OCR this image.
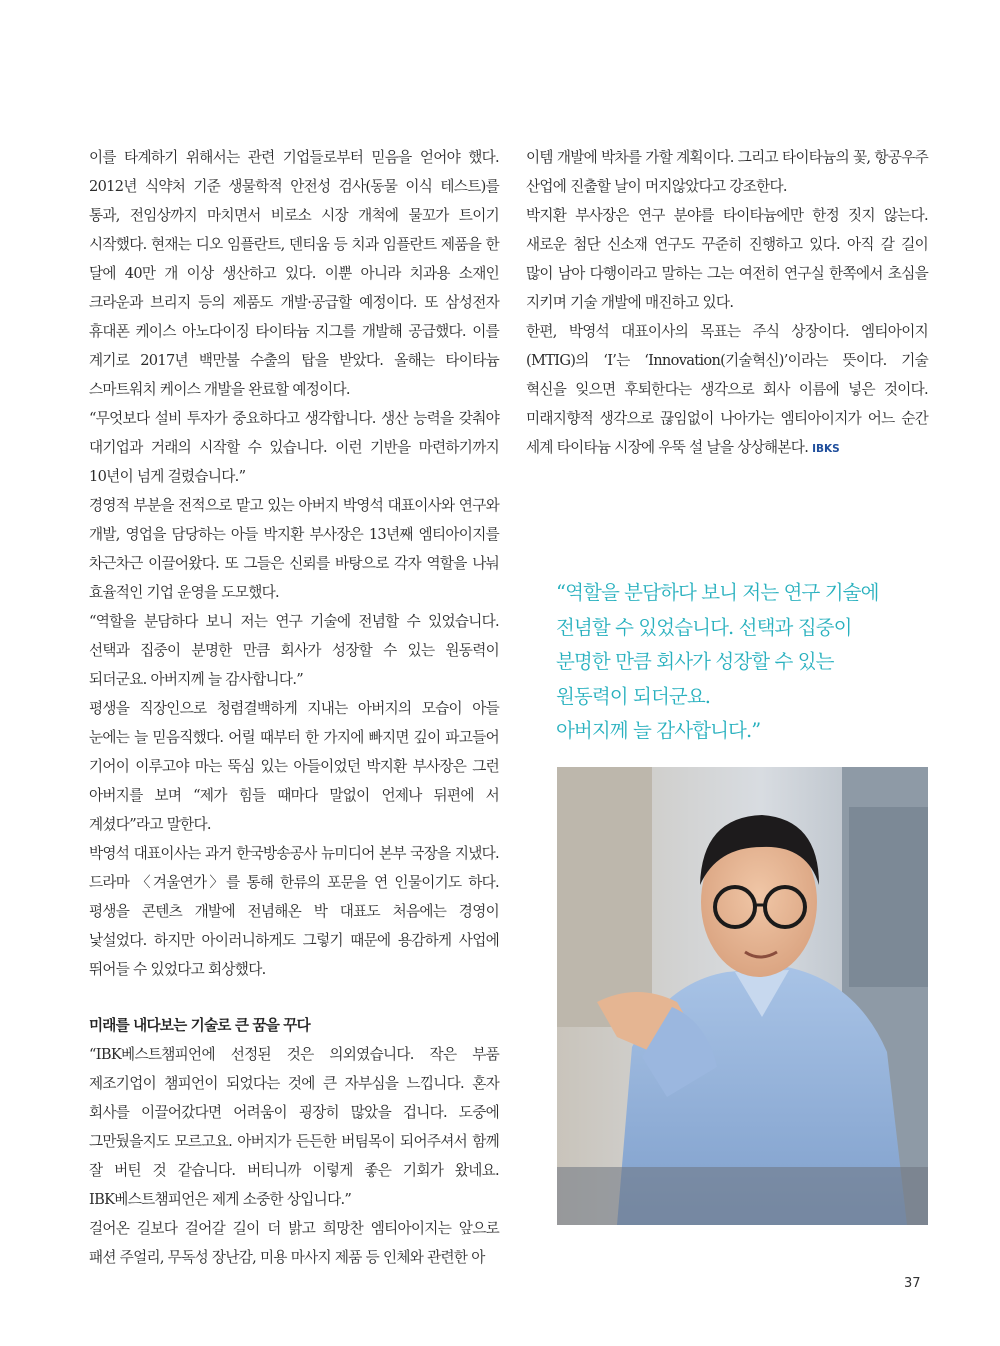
이를 타계하기 위해서는 관련 기업들로부터 믿음을 얻어야 했다. 2012년 식약처 기준 생물학적 안전성 검사(동물 이식 테스트)를 통과, 전임상까지 마치면서 비로소 시장 개척에 물꼬가 트이기 시작했다. 현재는 디오 임플란트, 덴티움 등 치과 임플란트 제품을 한 달에 40만 개 이상 생산하고 있다. 이뿐 아니라 치과용 소재인 크라운과 브리지 등의 제품도 개발·공급할 예정이다. 또 삼성전자 휴대폰 케이스 아노다이징 타이타늄 지그를 개발해 공급했다. 이를 계기로 2017년 백만불 수출의 탑을 받았다. 올해는 타이타늄 스마트워치 케이스 개발을 완료할 예정이다.

“무엇보다 설비 투자가 중요하다고 생각합니다. 생산 능력을 갖춰야 대기업과 거래의 시작할 수 있습니다. 이런 기반을 마련하기까지 10년이 넘게 걸렸습니다.”

경영적 부분을 전적으로 맡고 있는 아버지 박영석 대표이사와 연구와 개발, 영업을 담당하는 아들 박지환 부사장은 13년째 엠티아이지를 차근차근 이끌어왔다. 또 그들은 신뢰를 바탕으로 각자 역할을 나눠 효율적인 기업 운영을 도모했다.

“역할을 분담하다 보니 저는 연구 기술에 전념할 수 있었습니다. 선택과 집중이 분명한 만큼 회사가 성장할 수 있는 원동력이 되더군요. 아버지께 늘 감사합니다.”

평생을 직장인으로 청렴결백하게 지내는 아버지의 모습이 아들 눈에는 늘 믿음직했다. 어릴 때부터 한 가지에 빠지면 깊이 파고들어 기어이 이루고야 마는 뚝심 있는 아들이었던 박지환 부사장은 그런 아버지를 보며 “제가 힘들 때마다 말없이 언제나 뒤편에 서 계셨다”라고 말한다.

박영석 대표이사는 과거 한국방송공사 뉴미디어 본부 국장을 지냈다. 드라마 〈겨울연가〉를 통해 한류의 포문을 연 인물이기도 하다. 평생을 콘텐츠 개발에 전념해온 박 대표도 처음에는 경영이 낯설었다. 하지만 아이러니하게도 그렇기 때문에 용감하게 사업에 뛰어들 수 있었다고 회상했다.

미래를 내다보는 기술로 큰 꿈을 꾸다

“IBK베스트챔피언에 선정된 것은 의외였습니다. 작은 부품 제조기업이 챔피언이 되었다는 것에 큰 자부심을 느낍니다. 혼자 회사를 이끌어갔다면 어려움이 굉장히 많았을 겁니다. 도중에 그만뒀을지도 모르고요. 아버지가 든든한 버팀목이 되어주셔서 함께 잘 버틴 것 같습니다. 버티니까 이렇게 좋은 기회가 왔네요. IBK베스트챔피언은 제게 소중한 상입니다.”

걸어온 길보다 걸어갈 길이 더 밝고 희망찬 엠티아이지는 앞으로 패션 주얼리, 무독성 장난감, 미용 마사지 제품 등 인체와 관련한 아

이템 개발에 박차를 가할 계획이다. 그리고 타이타늄의 꽃, 항공우주 산업에 진출할 날이 머지않았다고 강조한다.

박지환 부사장은 연구 분야를 타이타늄에만 한정 짓지 않는다. 새로운 첨단 신소재 연구도 꾸준히 진행하고 있다. 아직 갈 길이 많이 남아 다행이라고 말하는 그는 여전히 연구실 한쪽에서 초심을 지키며 기술 개발에 매진하고 있다.

한편, 박영석 대표이사의 목표는 주식 상장이다. 엠티아이지(MTIG)의 ‘I’는 ‘Innovation(기술혁신)’이라는 뜻이다. 기술 혁신을 잊으면 후퇴한다는 생각으로 회사 이름에 넣은 것이다. 미래지향적 생각으로 끊임없이 나아가는 엠티아이지가 어느 순간 세계 타이타늄 시장에 우뚝 설 날을 상상해본다. IBKS

“역할을 분담하다 보니 저는 연구 기술에
전념할 수 있었습니다. 선택과 집중이
분명한 만큼 회사가 성장할 수 있는
원동력이 되더군요.
아버지께 늘 감사합니다.”
37
